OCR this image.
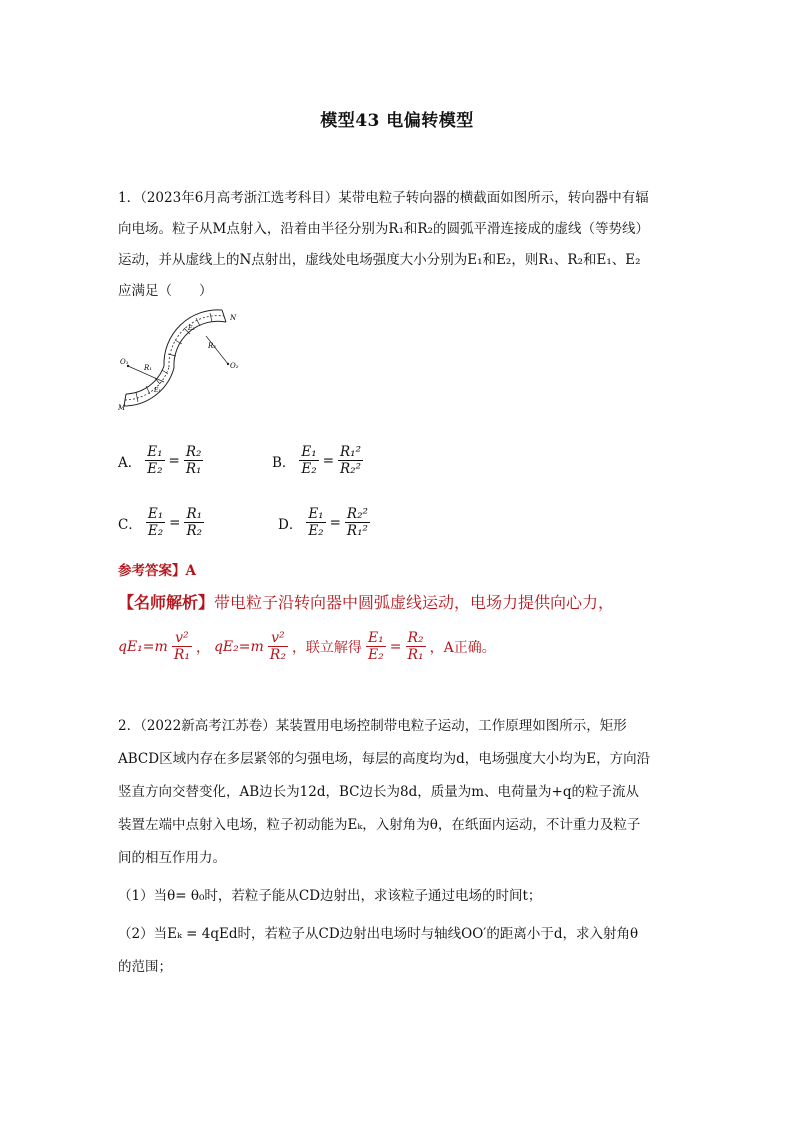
模型43 电偏转模型
1．（2023年6月高考浙江选考科目）某带电粒子转向器的横截面如图所示，转向器中有辐
向电场。粒子从M点射入，沿着由半径分别为R₁和R₂的圆弧平滑连接成的虚线（等势线）
运动，并从虚线上的N点射出，虚线处电场强度大小分别为E₁和E₂，则R₁、R₂和E₁、E₂
应满足（　　）
O₁	O₂
R₁
R₂
N
M
E₁
E₂
A． $\frac{\text{E₁}}{\text{E₂}} = \frac{\text{R₂}}{\text{R₁}}$	B． $\frac{\text{E₁}}{\text{E₂}} = \frac{\text{R₁²}}{\text{R₂²}}$
C． $\frac{\text{E₁}}{\text{E₂}} = \frac{\text{R₁}}{\text{R₂}}$	D． $\frac{\text{E₁}}{\text{E₂}} = \frac{\text{R₂²}}{\text{R₁²}}$
参考答案】A
【名师解析】带电粒子沿转向器中圆弧虚线运动，电场力提供向心力，
$qE_1=m \frac{\text{v²}}{\text{R₁}}$ ， $qE_2=m \frac{\text{v²}}{\text{R₂}}$ ，联立解得 $\frac{\text{E₁}}{\text{E₂}} = \frac{\text{R₂}}{\text{R₁}}$ ，A正确。
2．（2022新高考江苏卷）某装置用电场控制带电粒子运动，工作原理如图所示，矩形
ABCD区域内存在多层紧邻的匀强电场，每层的高度均为d，电场强度大小均为E，方向沿
竖直方向交替变化，AB边长为12d，BC边长为8d，质量为m、电荷量为+q的粒子流从
装置左端中点射入电场，粒子初动能为Eₖ，入射角为θ，在纸面内运动，不计重力及粒子
间的相互作用力。
（1）当θ= θ₀时，若粒子能从CD边射出，求该粒子通过电场的时间t；
（2）当Eₖ = 4qEd时，若粒子从CD边射出电场时与轴线OO′的距离小于d，求入射角θ
的范围；
